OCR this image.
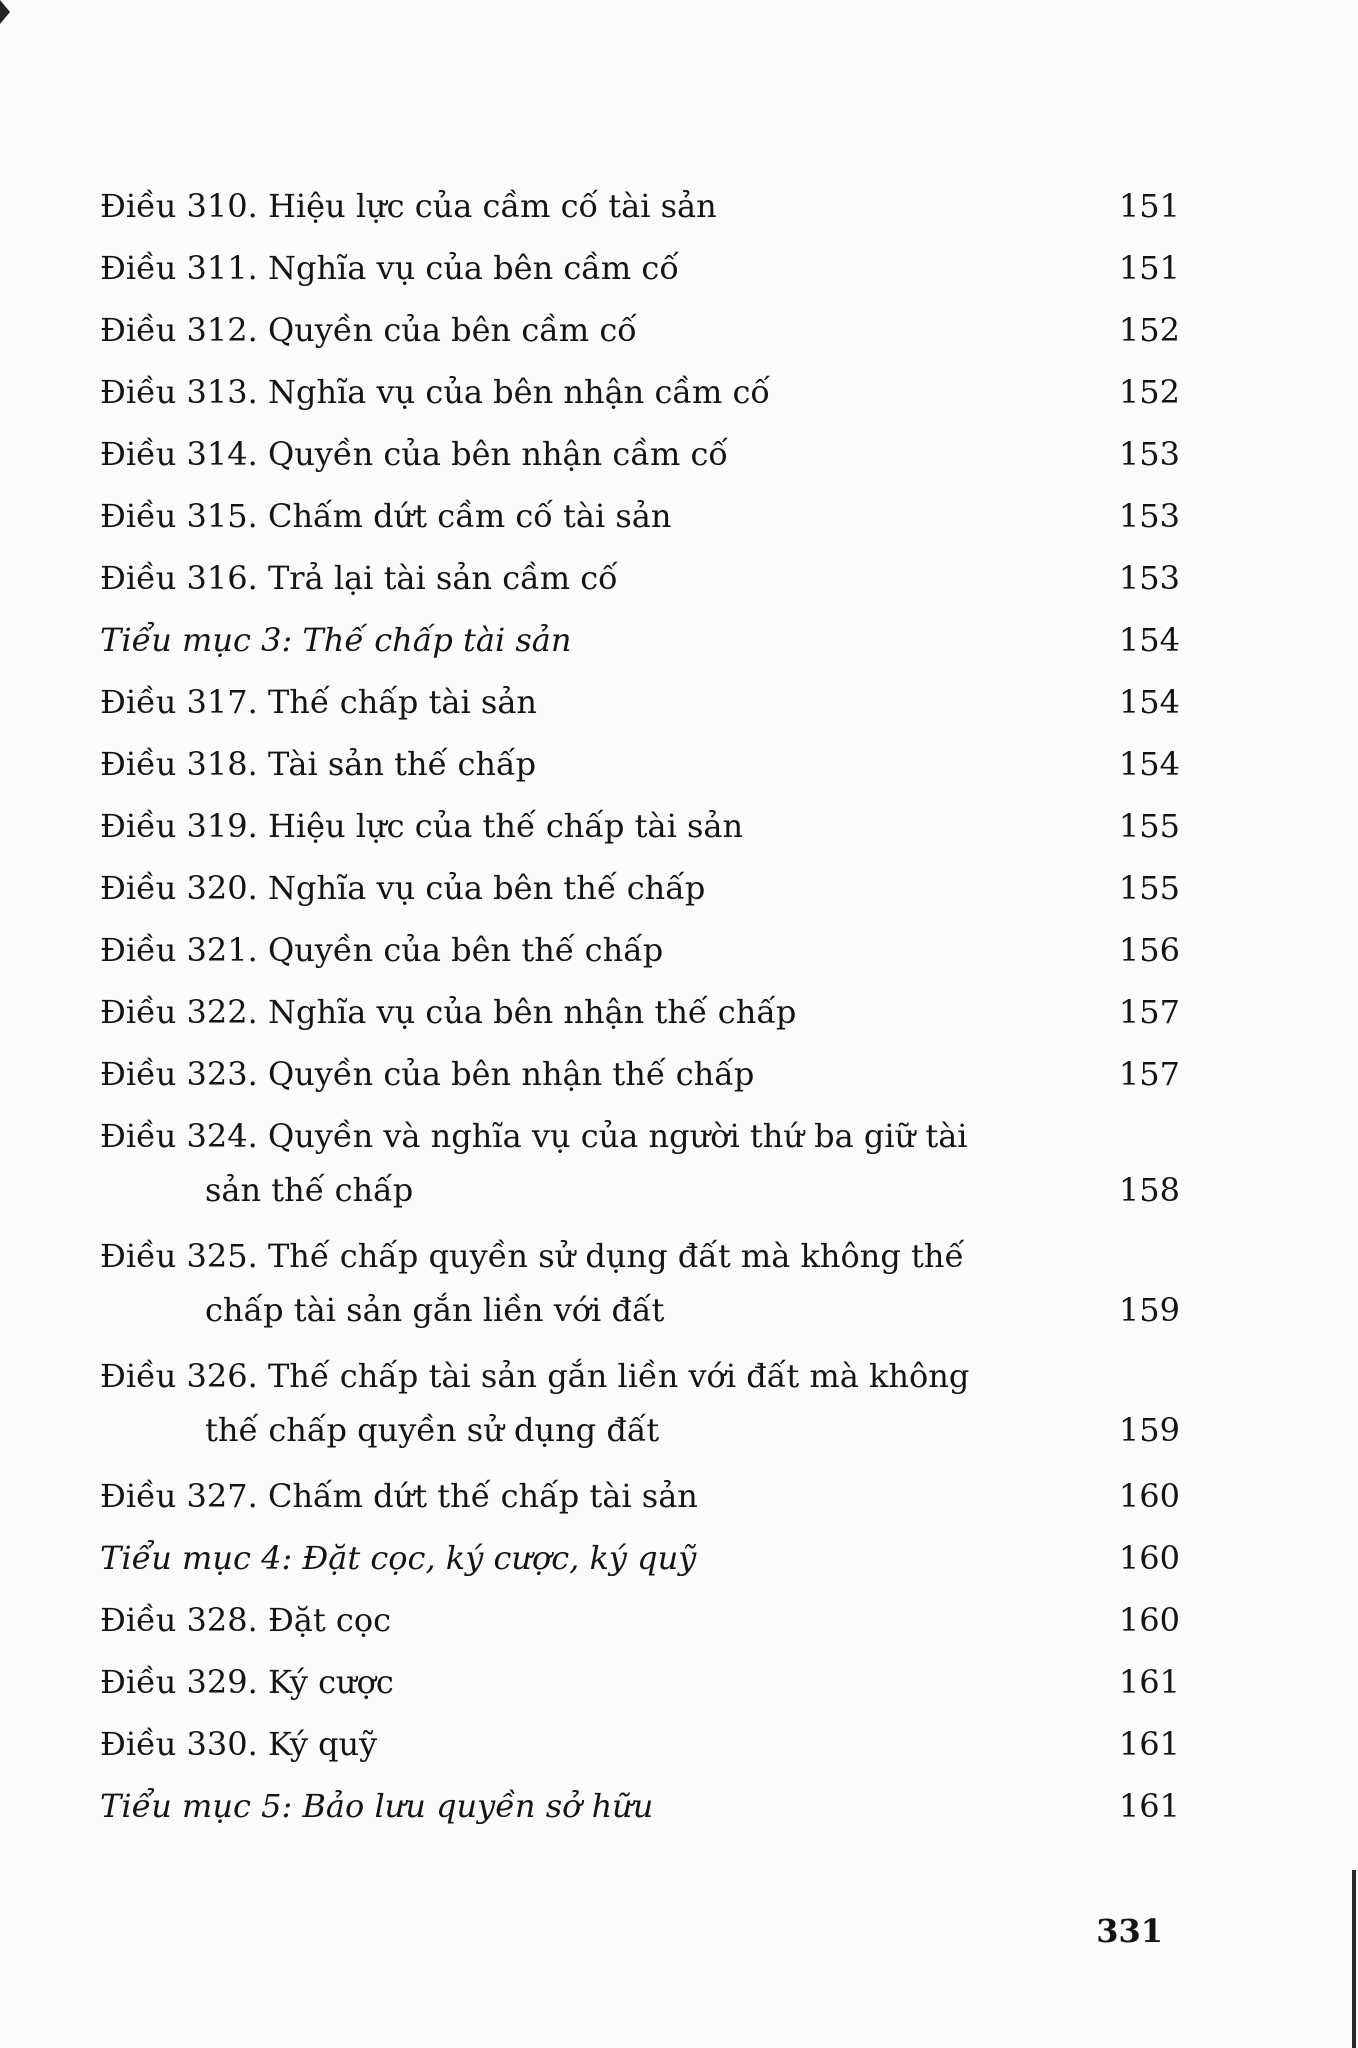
Điều 310. Hiệu lực của cầm cố tài sản	151
Điều 311. Nghĩa vụ của bên cầm cố	151
Điều 312. Quyền của bên cầm cố	152
Điều 313. Nghĩa vụ của bên nhận cầm cố	152
Điều 314. Quyền của bên nhận cầm cố	153
Điều 315. Chấm dứt cầm cố tài sản	153
Điều 316. Trả lại tài sản cầm cố	153
Tiểu mục 3: Thế chấp tài sản	154
Điều 317. Thế chấp tài sản	154
Điều 318. Tài sản thế chấp	154
Điều 319. Hiệu lực của thế chấp tài sản	155
Điều 320. Nghĩa vụ của bên thế chấp	155
Điều 321. Quyền của bên thế chấp	156
Điều 322. Nghĩa vụ của bên nhận thế chấp	157
Điều 323. Quyền của bên nhận thế chấp	157
Điều 324. Quyền và nghĩa vụ của người thứ ba giữ tài
sản thế chấp	158
Điều 325. Thế chấp quyền sử dụng đất mà không thế
chấp tài sản gắn liền với đất	159
Điều 326. Thế chấp tài sản gắn liền với đất mà không
thế chấp quyền sử dụng đất	159
Điều 327. Chấm dứt thế chấp tài sản	160
Tiểu mục 4: Đặt cọc, ký cược, ký quỹ	160
Điều 328. Đặt cọc	160
Điều 329. Ký cược	161
Điều 330. Ký quỹ	161
Tiểu mục 5: Bảo lưu quyền sở hữu	161
331
